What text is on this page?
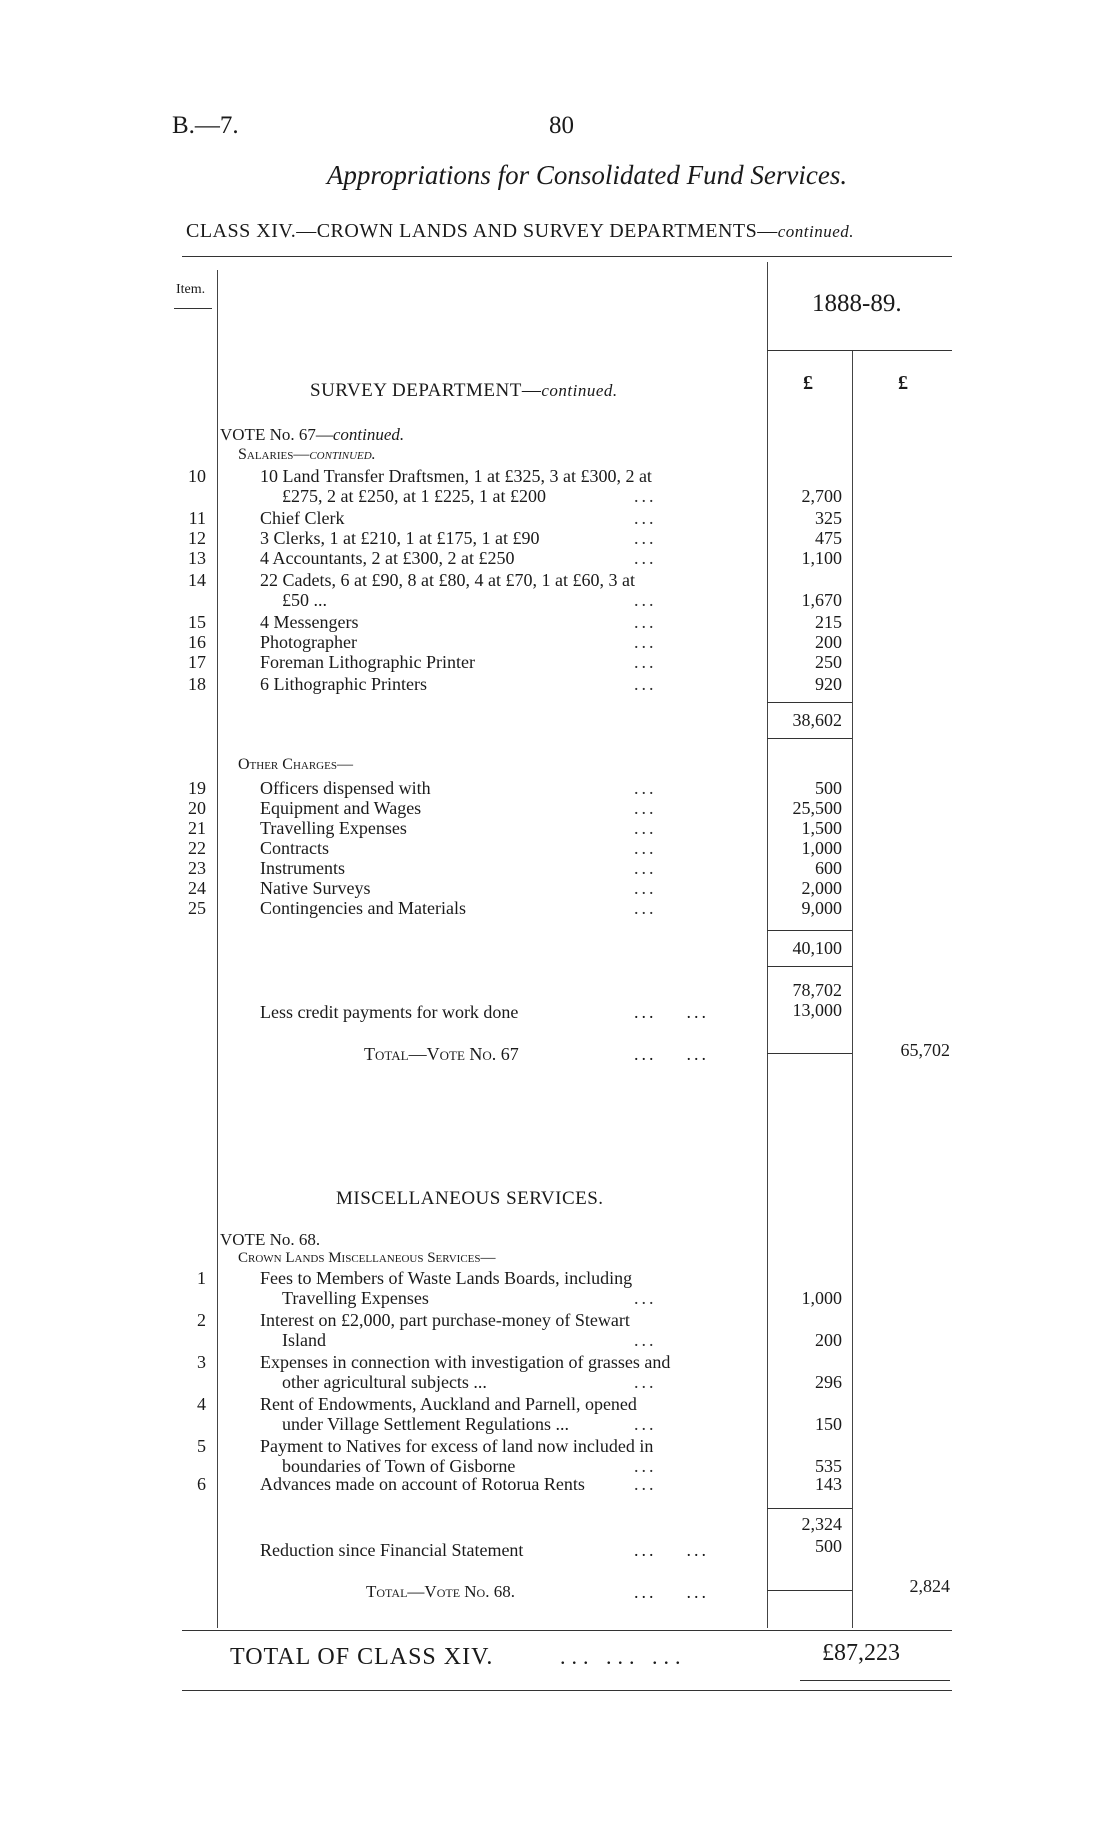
B.—7.	80
Appropriations for Consolidated Fund Services.
CLASS XIV.—CROWN LANDS AND SURVEY DEPARTMENTS—continued.
Item.
1888-89.
£	£
SURVEY DEPARTMENT—continued.
VOTE No. 67—continued.
Salaries—continued.
10	10 Land Transfer Draftsmen, 1 at £325, 3 at £300, 2 at
£275, 2 at £250, at 1 £225, 1 at £200	...	2,700
11	Chief Clerk	...	325
12	3 Clerks, 1 at £210, 1 at £175, 1 at £90	...	475
13	4 Accountants, 2 at £300, 2 at £250	...	1,100
14	22 Cadets, 6 at £90, 8 at £80, 4 at £70, 1 at £60, 3 at
£50 ...	...	1,670
15	4 Messengers	...	215
16	Photographer	...	200
17	Foreman Lithographic Printer	...	250
18	6 Lithographic Printers	...	920
38,602
Other Charges—
19	Officers dispensed with	...	500
20	Equipment and Wages	...	25,500
21	Travelling Expenses	...	1,500
22	Contracts	...	1,000
23	Instruments	...	600
24	Native Surveys	...	2,000
25	Contingencies and Materials	...	9,000
40,100
78,702
Less credit payments for work done	...    ...	13,000
Total—Vote No. 67	...    ...	65,702
MISCELLANEOUS SERVICES.
VOTE No. 68.
Crown Lands Miscellaneous Services—
1	Fees to Members of Waste Lands Boards, including
Travelling Expenses	...	1,000
2	Interest on £2,000, part purchase-money of Stewart
Island	...	200
3	Expenses in connection with investigation of grasses and
other agricultural subjects ...	...	296
4	Rent of Endowments, Auckland and Parnell, opened
under Village Settlement Regulations ...	...	150
5	Payment to Natives for excess of land now included in
boundaries of Town of Gisborne	...	535
6	Advances made on account of Rotorua Rents	...	143
2,324
Reduction since Financial Statement	...    ...	500
Total—Vote No. 68.	...    ...	2,824
TOTAL OF CLASS XIV.	... ... ...	£87,223
